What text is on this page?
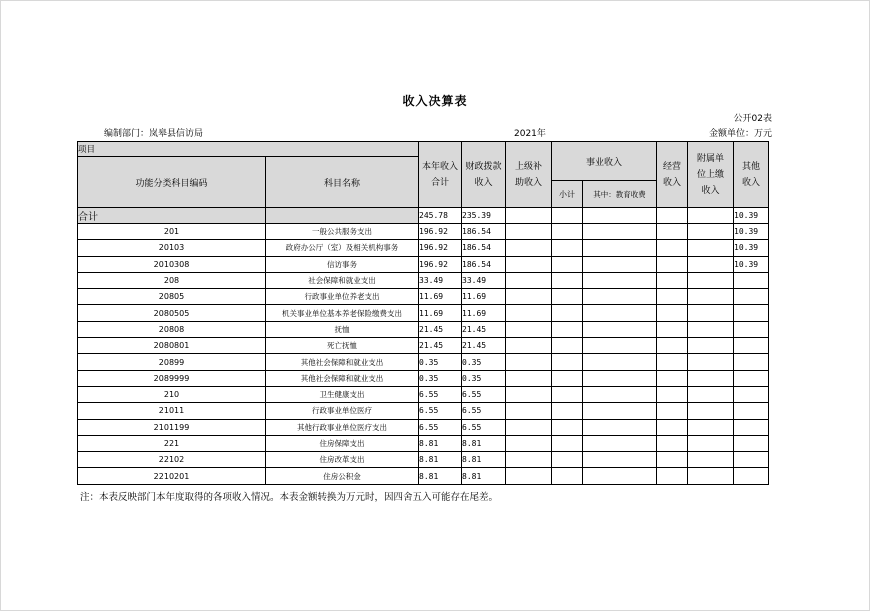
收入决算表
公开02表
编制部门：岚皋县信访局	2021年	金额单位：万元
项目		本年收入合计	财政拨款收入	上级补助收入	事业收入		经营收入	附属单位上缴收入	其他收入

功能分类科目编码	科目名称								
					小计	其中：教育收费			
合计		245.78	235.39						10.39
201	一般公共服务支出	196.92	186.54						10.39
20103	政府办公厅（室）及相关机构事务	196.92	186.54						10.39
2010308	信访事务	196.92	186.54						10.39
208	社会保障和就业支出	33.49	33.49						
20805	行政事业单位养老支出	11.69	11.69						
2080505	机关事业单位基本养老保险缴费支出	11.69	11.69						
20808	抚恤	21.45	21.45						
2080801	死亡抚恤	21.45	21.45						
20899	其他社会保障和就业支出	0.35	0.35						
2089999	其他社会保障和就业支出	0.35	0.35						
210	卫生健康支出	6.55	6.55						
21011	行政事业单位医疗	6.55	6.55						
2101199	其他行政事业单位医疗支出	6.55	6.55						
221	住房保障支出	8.81	8.81						
22102	住房改革支出	8.81	8.81						
2210201	住房公积金	8.81	8.81						
注：本表反映部门本年度取得的各项收入情况。本表金额转换为万元时，因四舍五入可能存在尾差。
